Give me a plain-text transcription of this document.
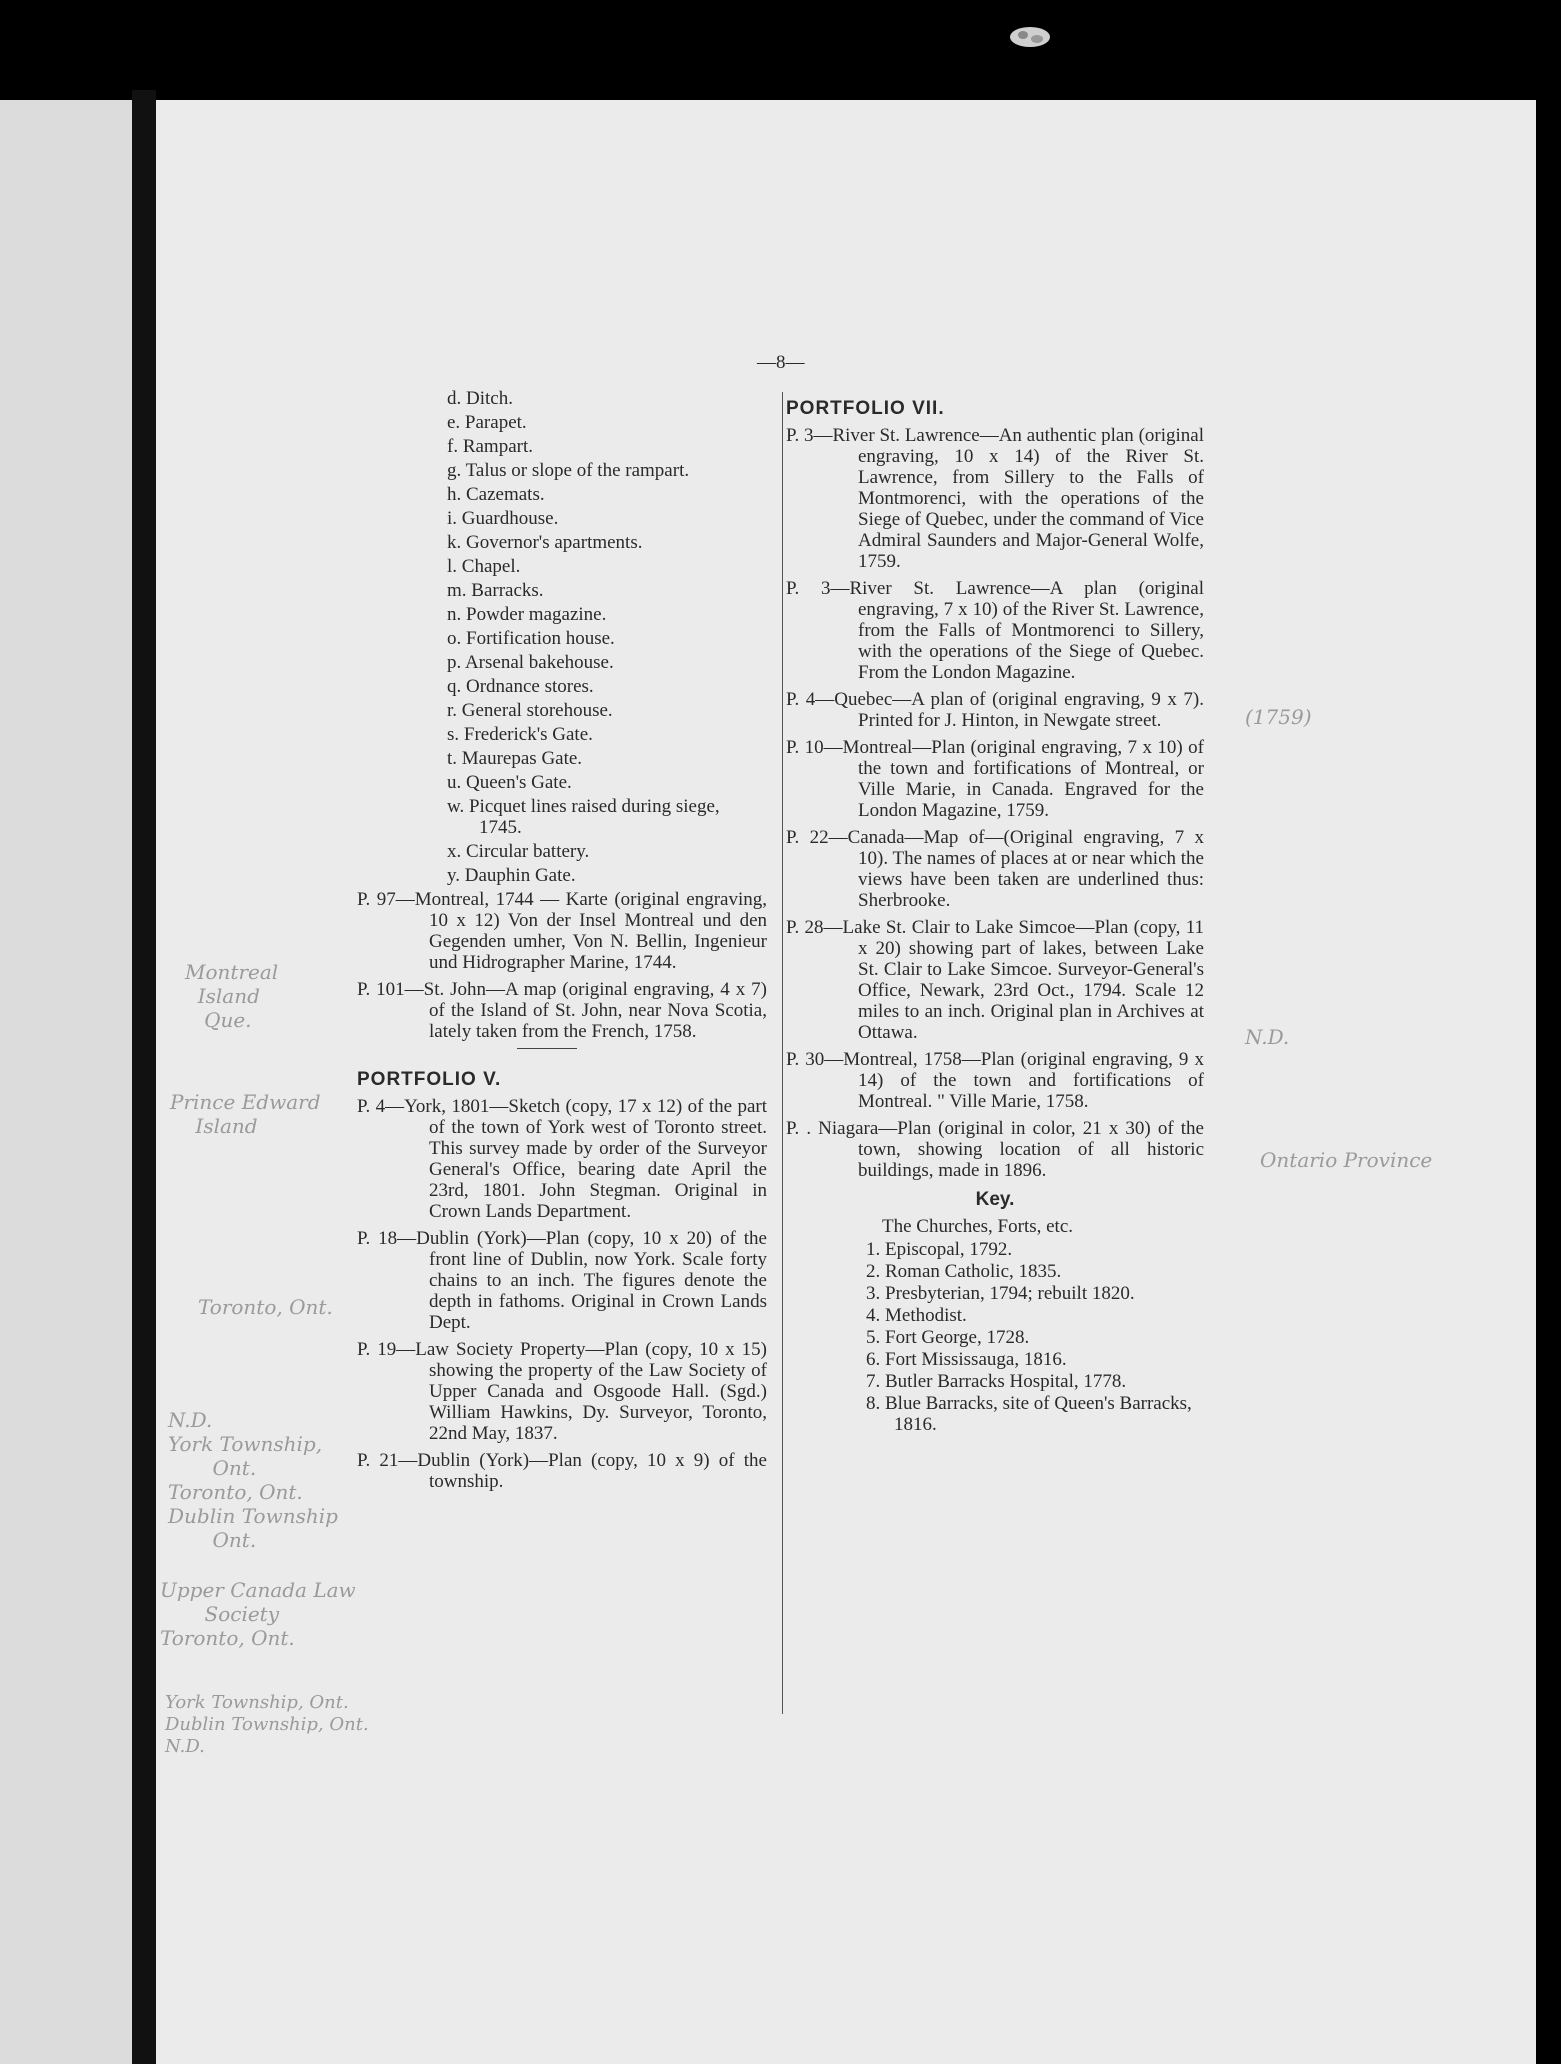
—8—
d. Ditch.
e. Parapet.
f. Rampart.
g. Talus or slope of the rampart.
h. Cazemats.
i. Guardhouse.
k. Governor's apartments.
l. Chapel.
m. Barracks.
n. Powder magazine.
o. Fortification house.
p. Arsenal bakehouse.
q. Ordnance stores.
r. General storehouse.
s. Frederick's Gate.
t. Maurepas Gate.
u. Queen's Gate.
w. Picquet lines raised during siege, 1745.
x. Circular battery.
y. Dauphin Gate.
P. 97—Montreal, 1744 — Karte (original engraving, 10 x 12) Von der Insel Montreal und den Gegenden umher, Von N. Bellin, Ingenieur und Hidrographer Marine, 1744.
P. 101—St. John—A map (original engraving, 4 x 7) of the Island of St. John, near Nova Scotia, lately taken from the French, 1758.
PORTFOLIO V.
P. 4—York, 1801—Sketch (copy, 17 x 12) of the part of the town of York west of Toronto street. This survey made by order of the Surveyor General's Office, bearing date April the 23rd, 1801. John Stegman. Original in Crown Lands Department.
P. 18—Dublin (York)—Plan (copy, 10 x 20) of the front line of Dublin, now York. Scale forty chains to an inch. The figures denote the depth in fathoms. Original in Crown Lands Dept.
P. 19—Law Society Property—Plan (copy, 10 x 15) showing the property of the Law Society of Upper Canada and Osgoode Hall. (Sgd.) William Hawkins, Dy. Surveyor, Toronto, 22nd May, 1837.
P. 21—Dublin (York)—Plan (copy, 10 x 9) of the township.
PORTFOLIO VII.
P. 3—River St. Lawrence—An authentic plan (original engraving, 10 x 14) of the River St. Lawrence, from Sillery to the Falls of Montmorenci, with the operations of the Siege of Quebec, under the command of Vice Admiral Saunders and Major-General Wolfe, 1759.
P. 3—River St. Lawrence—A plan (original engraving, 7 x 10) of the River St. Lawrence, from the Falls of Montmorenci to Sillery, with the operations of the Siege of Quebec. From the London Magazine.
P. 4—Quebec—A plan of (original engraving, 9 x 7). Printed for J. Hinton, in Newgate street.
P. 10—Montreal—Plan (original engraving, 7 x 10) of the town and fortifications of Montreal, or Ville Marie, in Canada. Engraved for the London Magazine, 1759.
P. 22—Canada—Map of—(Original engraving, 7 x 10). The names of places at or near which the views have been taken are underlined thus: Sherbrooke.
P. 28—Lake St. Clair to Lake Simcoe—Plan (copy, 11 x 20) showing part of lakes, between Lake St. Clair to Lake Simcoe. Surveyor-General's Office, Newark, 23rd Oct., 1794. Scale 12 miles to an inch. Original plan in Archives at Ottawa.
P. 30—Montreal, 1758—Plan (original engraving, 9 x 14) of the town and fortifications of Montreal. " Ville Marie, 1758.
P. . Niagara—Plan (original in color, 21 x 30) of the town, showing location of all historic buildings, made in 1896.
Key.
The Churches, Forts, etc.
1. Episcopal, 1792.
2. Roman Catholic, 1835.
3. Presbyterian, 1794; rebuilt 1820.
4. Methodist.
5. Fort George, 1728.
6. Fort Mississauga, 1816.
7. Butler Barracks Hospital, 1778.
8. Blue Barracks, site of Queen's Barracks, 1816.
Montreal
Island
Que.
Prince Edward
Island
Toronto, Ont.
N.D.
York Township,
Ont.
Toronto, Ont.
Dublin Township
Ont.
Upper Canada Law
Society
Toronto, Ont.
York Township, Ont.
Dublin Township, Ont.
N.D.
(1759)
N.D.
Ontario Province
